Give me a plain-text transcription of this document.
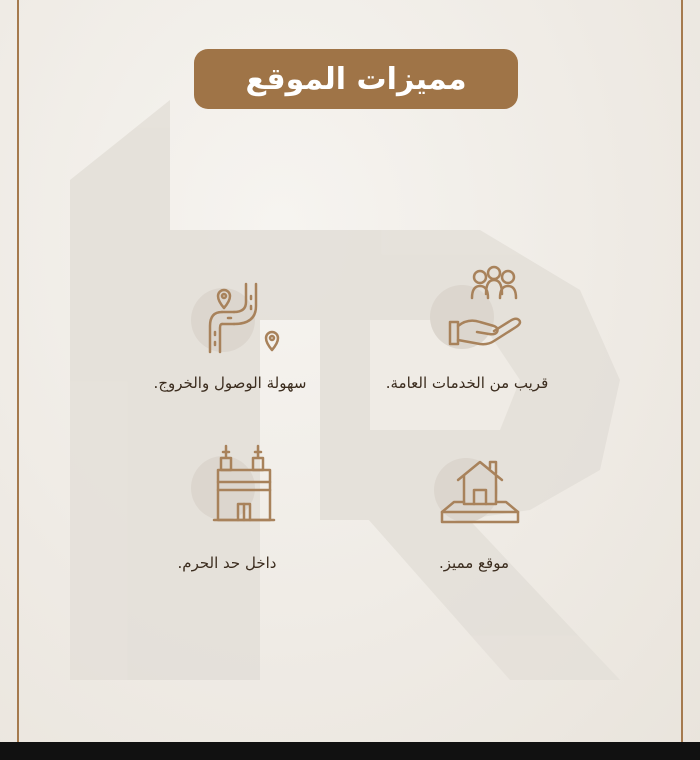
مميزات الموقع
قريب من الخدمات العامة.
سهولة الوصول والخروج.
موقع مميز.
داخل حد الحرم.
